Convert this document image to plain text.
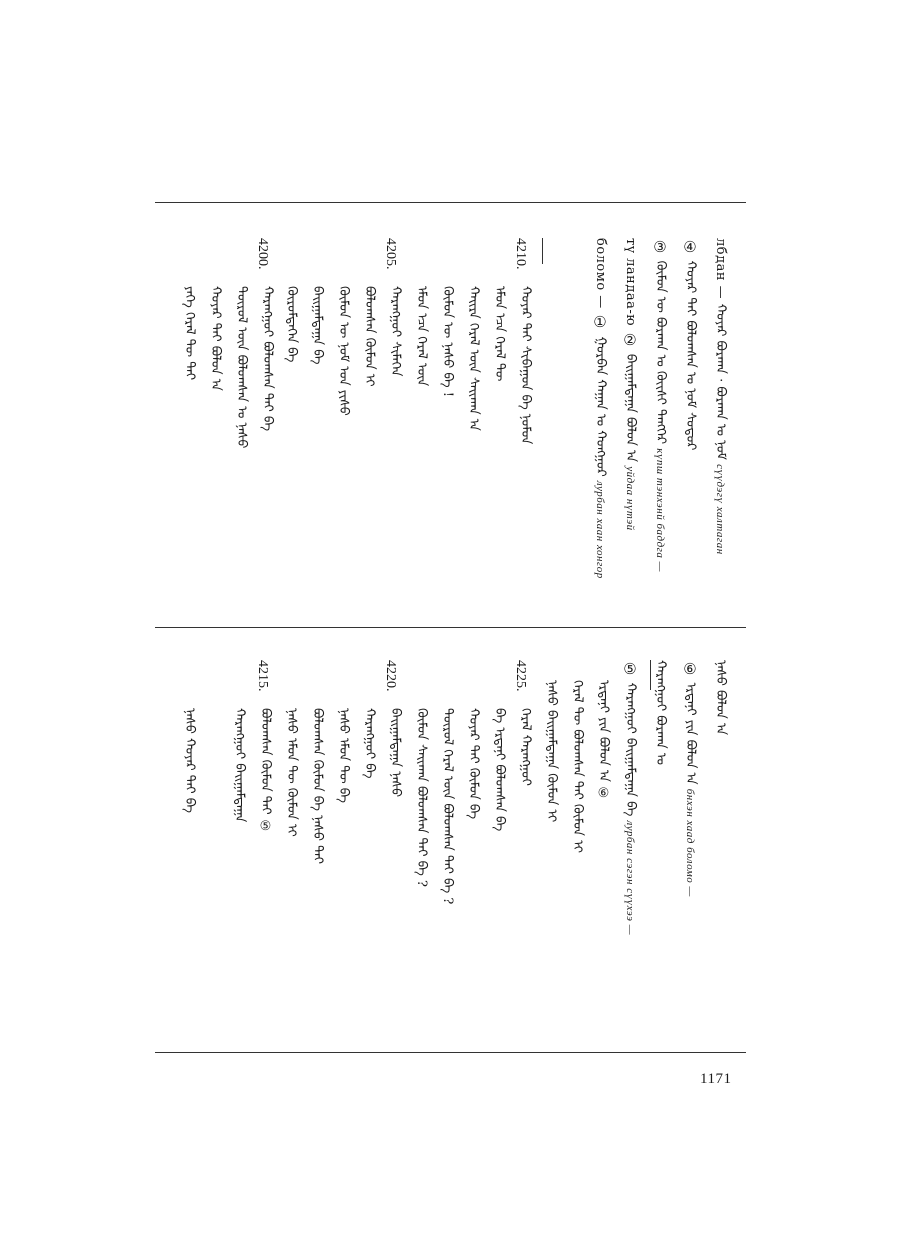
лбдан — ᠬᠣᠶᠠᠷ ᠪᠤᠷᠬᠠᠨ · ᠪᠤᠷᠬᠠᠨ ᠤ ᠨᠣᠮ сүүдэгү халтаган
④ ᠬᠣᠶᠠᠷ ᠲᠠᠢ ᠪᠣᠯᠤᠭᠰᠠᠨ ᠤ ᠨᠣᠮ ᠰᠤᠳᠤᠷ
③ ᠬᠦᠮᠦᠨ ᠦ ᠪᠤᠷᠬᠠᠨ ᠤ ᠬᠦᠢᠰᠢ ᠲᠡᠩᠭᠡᠷ күпш тэнхэнй баддга —
тү ландаа-ю ② ᠪᠠᠢᠭᠠᠮᠳᠠᠭᠠ ᠪᠣᠯᠤᠨ ᠠ уйдаа нүтэй
боломо — ① ᠭᠤᠷᠪᠠᠨ ᠬᠠᠭᠠᠨ ᠤ ᠬᠣᠩᠭᠤᠷ лурбан хаан хонгор
4210.
ᠬᠣᠶᠠᠷ ᠲᠠᠢ ᠰᠢᠪᠠᠭᠤᠨ ᠪᠠ ᠨᠣᠮᠤᠨ
ᠡᠮᠦᠨ ᠡᠴᠡ ᠭᠡᠷᠡᠯ ᠲᠦ
ᠬᠠᠢᠷᠠ ᠭᠡᠷᠡᠯ ᠦᠨ ᠰᠠᠢᠬᠠᠨ ᠠ
ᠬᠦᠮᠦᠨ ᠦ ᠨᠠᠰᠤ ᠪᠠ !
ᠡᠮᠦᠨ ᠡᠴᠡ ᠭᠡᠷᠡᠯ ᠦᠨ
4205.
ᠬᠠᠷᠠᠩᠭᠤᠢ ᠰᠢᠮᠡᠭᠡᠨ
ᠪᠣᠯᠤᠭᠰᠠᠨ ᠬᠦᠮᠦᠨ ᠢ
ᠬᠦᠮᠦᠨ ᠦ ᠨᠣᠮ ᠤᠨ ᠶᠢᠰᠦ
ᠪᠠᠢᠭᠠᠮᠳᠠᠭᠠ ᠪᠠ
ᠬᠦᠷᠦᠮᠳᠡᠭᠡᠨ ᠪᠠ
4200.
ᠬᠠᠷᠠᠩᠭᠤᠢ ᠪᠣᠯᠤᠭᠰᠠᠨ ᠲᠠᠢ ᠪᠠ
ᠲᠦᠷᠦᠯ ᠦᠨ ᠪᠣᠯᠤᠭᠰᠠᠨ ᠤ ᠨᠠᠰᠤ
ᠬᠣᠶᠠᠷ ᠲᠠᠢ ᠪᠣᠯᠤᠨ ᠠ
ᠶᠡᠬᠡ ᠭᠡᠷᠡᠯ ᠲᠦ ᠲᠠᠢ
ᠨᠠᠰᠤ ᠪᠣᠯᠤᠨ ᠠ
⑥ ᠡᠷᠳᠡᠨᠢ ᠶᠢᠨ ᠪᠣᠯᠤᠨ ᠠ бнхэн хаад боломо —
ᠬᠠᠷᠠᠩᠭᠤᠢ ᠪᠤᠷᠬᠠᠨ ᠤ
⑤ ᠬᠠᠷᠠᠩᠭᠤᠢ ᠪᠠᠢᠭᠠᠮᠳᠠᠭᠠ ᠪᠠ лурбан сэгэн сүүхээ —
4225.
ᠡᠷᠳᠡᠨᠢ ᠶᠢᠨ ᠪᠣᠯᠤᠨ ᠠ ⑥
ᠭᠡᠷᠡᠯ ᠲᠦ ᠪᠣᠯᠤᠭᠰᠠᠨ ᠲᠠᠢ ᠬᠦᠮᠦᠨ ᠢ
ᠨᠠᠰᠤ ᠪᠠᠢᠭᠠᠮᠳᠠᠭᠠ ᠬᠦᠮᠦᠨ ᠢ
ᠭᠡᠷᠡᠯ ᠬᠠᠷᠠᠩᠭᠤᠢ
ᠪᠠ ᠡᠷᠳᠡᠨᠢ ᠪᠣᠯᠤᠭᠰᠠᠨ ᠪᠠ
4220.
ᠬᠣᠶᠠᠷ ᠲᠠᠢ ᠬᠦᠮᠦᠨ ᠪᠠ
ᠲᠦᠷᠦᠯ ᠭᠡᠷᠡᠯ ᠦᠨ ᠪᠣᠯᠤᠭᠰᠠᠨ ᠲᠠᠢ ᠪᠠ ?
ᠬᠦᠮᠦᠨ ᠰᠠᠢᠬᠠᠨ ᠪᠣᠯᠤᠭᠰᠠᠨ ᠲᠠᠢ ᠪᠠ ?
ᠪᠠᠢᠭᠠᠮᠳᠠᠭᠠ ᠨᠠᠰᠤ
ᠬᠠᠷᠠᠩᠭᠤᠢ ᠪᠠ
4215.
ᠨᠠᠰᠤ ᠡᠮᠦᠨ ᠲᠦ ᠪᠠ
ᠪᠣᠯᠤᠭᠰᠠᠨ ᠬᠦᠮᠦᠨ ᠪᠠ ᠨᠠᠰᠤ ᠲᠠᠢ
ᠨᠠᠰᠤ ᠡᠮᠦᠨ ᠲᠦ ᠬᠦᠮᠦᠨ ᠢ
ᠪᠣᠯᠤᠭᠰᠠᠨ ᠬᠦᠮᠦᠨ ᠲᠠᠢ ⑤
ᠬᠠᠷᠠᠩᠭᠤᠢ ᠪᠠᠢᠭᠠᠮᠳᠠᠭᠠ
ᠨᠠᠰᠤ ᠬᠣᠶᠠᠷ ᠲᠠᠢ ᠪᠠ
1171
